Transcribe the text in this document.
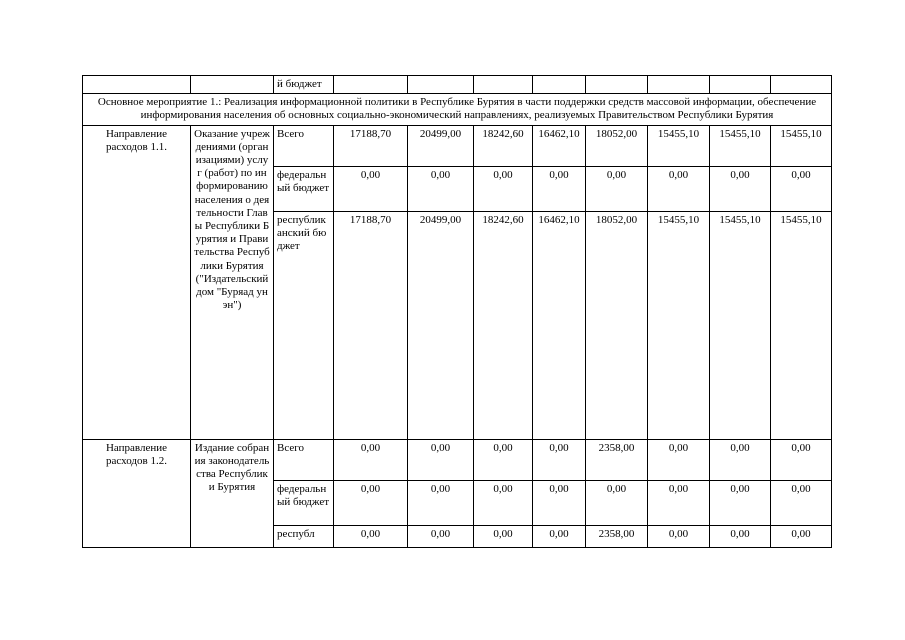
		й бюджет								
Основное мероприятие 1.: Реализация информационной политики в Республике Бурятия в части поддержки средств массовой информации, обеспечение информирования населения об основных социально-экономический направлениях, реализуемых Правительством Республики Бурятия										
Направление расходов 1.1.	Оказание учреждениями (организациями) услуг (работ) по информированию населения о деятельности Главы Республики Бурятия и Правительства Республики Бурятия ("Издательский дом "Буряад унэн")	Всего	17188,70	20499,00	18242,60	16462,10	18052,00	15455,10	15455,10	15455,10
		федеральный бюджет	0,00	0,00	0,00	0,00	0,00	0,00	0,00	0,00
		республиканский бюджет	17188,70	20499,00	18242,60	16462,10	18052,00	15455,10	15455,10	15455,10
Направление расходов 1.2.	Издание собрания законодательства Республики Бурятия	Всего	0,00	0,00	0,00	0,00	2358,00	0,00	0,00	0,00
		федеральный бюджет	0,00	0,00	0,00	0,00	0,00	0,00	0,00	0,00
		республ	0,00	0,00	0,00	0,00	2358,00	0,00	0,00	0,00
